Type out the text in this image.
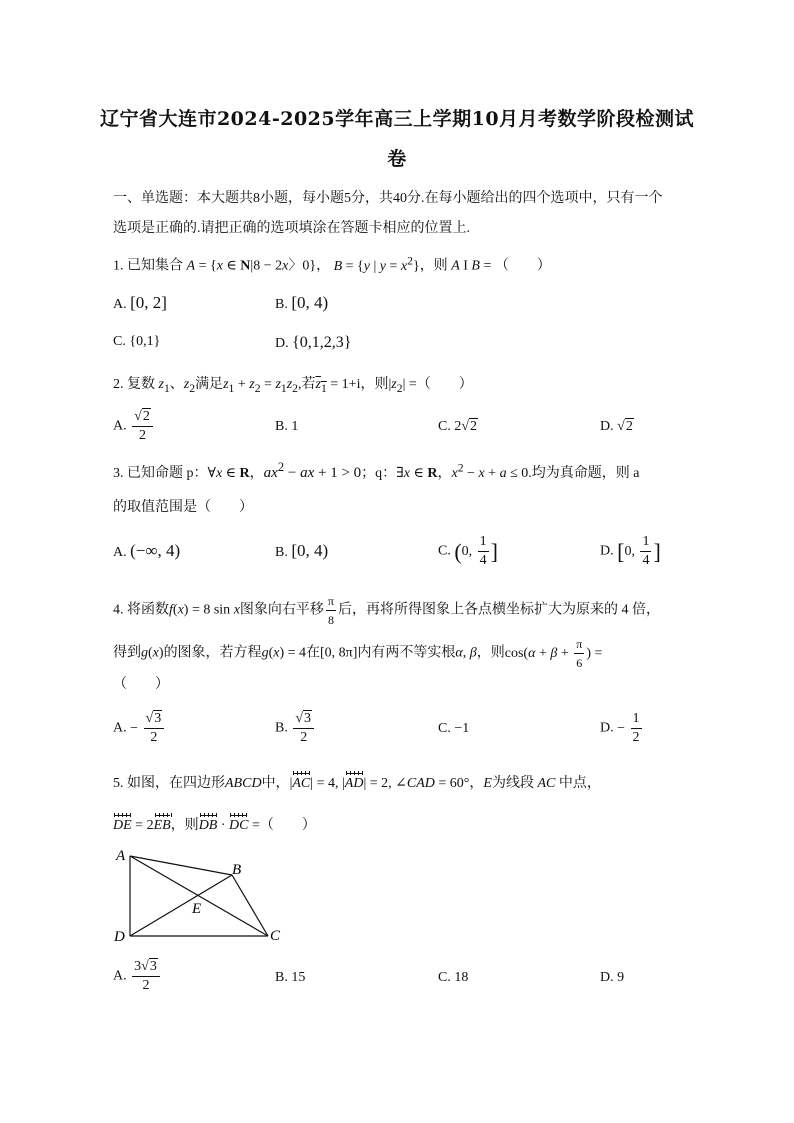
辽宁省大连市2024-2025学年高三上学期10月月考数学阶段检测试
卷
一、单选题：本大题共8小题，每小题5分，共40分.在每小题给出的四个选项中，只有一个
选项是正确的.请把正确的选项填涂在答题卡相应的位置上.
1. 已知集合 A = {x ∈ N|8 − 2x〉0}， B = {y | $y = x^2$}，则 A I B = （　　）
A. [0, 2]	B. [0, 4)
C. {0,1}	D. {0,1,2,3}
2. 复数 $z_1$、$z_2$满足$z_1 + z_2 = z_1z_2$,若$z_1 = 1+i$，则$|z_2|$ =（　　）
A. $\frac{√2}{2}$	B. 1	C. 2√2	D. √2
3. 已知命题 p：∀x ∈ R，$ax^2$ − ax + 1 > 0；q：∃x ∈ R，$x^2 - x + a \le 0$.均为真命题，则 a
的取值范围是（　　）
A. (−∞, 4)	B. [0, 4)	C. (0, $\frac{1}{4}$ ]	D. [0, $\frac{1}{4}$ ]
4. 将函数f(x) = 8 sin x图象向右平移 $\frac{\pi}{8}$ 后，再将所得图象上各点横坐标扩大为原来的 4 倍，
得到g(x)的图象，若方程g(x) = 4在[0, 8π]内有两不等实根α, β，则$\cos(\alpha + \beta + \frac{\pi}{6}$ ) =
（　　）
A. − $\frac{√3}{2}$	B. $\frac{√3}{2}$	C. −1	D. − $\frac{1}{2}$
5. 如图，在四边形ABCD中，|AC| = 4, |AD| = 2, ∠CAD = 60°，E为线段 AC 中点，
DE = 2EB，则DB · DC =（　　）
A
B
C
D
E
A. $\frac{3√3}{2}$	B. 15	C. 18	D. 9
